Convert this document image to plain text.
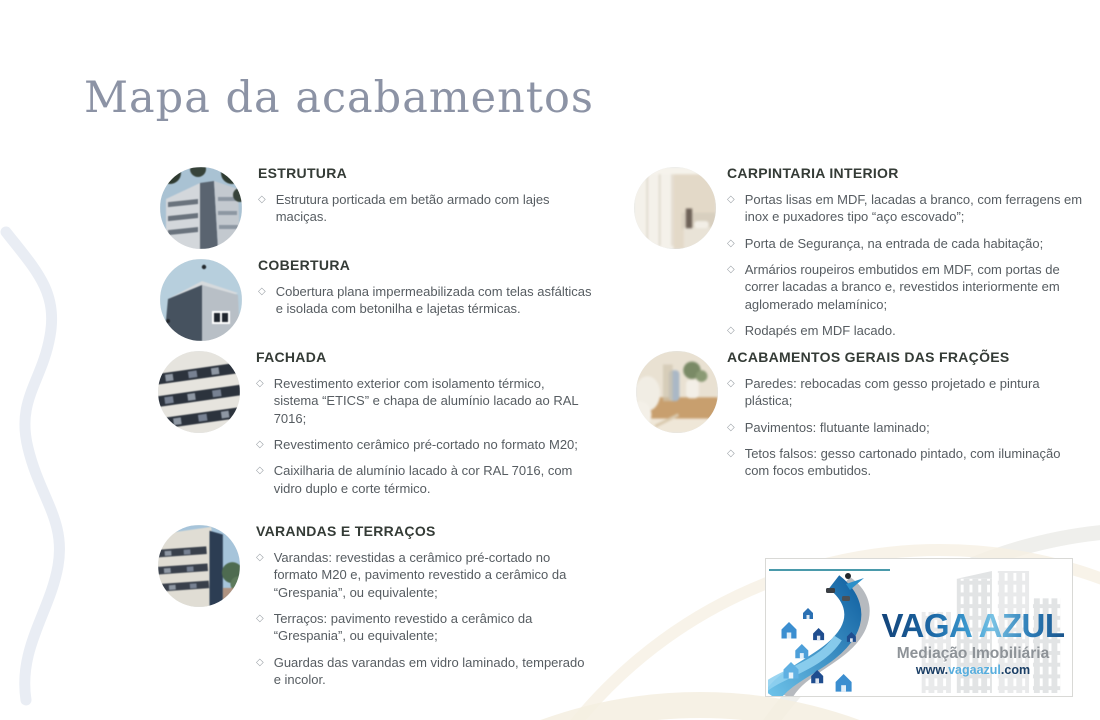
Mapa da acabamentos
ESTRUTURA
◇ Estrutura porticada em betão armado com lajes maciças.
COBERTURA
◇ Cobertura plana impermeabilizada com telas asfálticas e isolada com betonilha e lajetas térmicas.
FACHADA
◇ Revestimento exterior com isolamento térmico, sistema “ETICS” e chapa de alumínio lacado ao RAL 7016;
◇ Revestimento cerâmico pré-cortado no formato M20;
◇ Caixilharia de alumínio lacado à cor RAL 7016, com vidro duplo e corte térmico.
VARANDAS E TERRAÇOS
◇ Varandas: revestidas a cerâmico pré-cortado no formato M20 e, pavimento revestido a cerâmico da “Grespania”, ou equivalente;
◇ Terraços: pavimento revestido a cerâmico da “Grespania”, ou equivalente;
◇ Guardas das varandas em vidro laminado, temperado e incolor.
CARPINTARIA INTERIOR
◇ Portas lisas em MDF, lacadas a branco, com ferragens em inox e puxadores tipo “aço escovado”;
◇ Porta de Segurança, na entrada de cada habitação;
◇ Armários roupeiros embutidos em MDF, com portas de correr lacadas a branco e, revestidos interiormente em aglomerado melamínico;
◇ Rodapés em MDF lacado.
ACABAMENTOS GERAIS DAS FRAÇÕES
◇ Paredes: rebocadas com gesso projetado e pintura plástica;
◇ Pavimentos: flutuante laminado;
◇ Tetos falsos: gesso cartonado pintado, com iluminação com focos embutidos.
VAGA AZUL
Mediação Imobiliária
www.vagaazul.com
